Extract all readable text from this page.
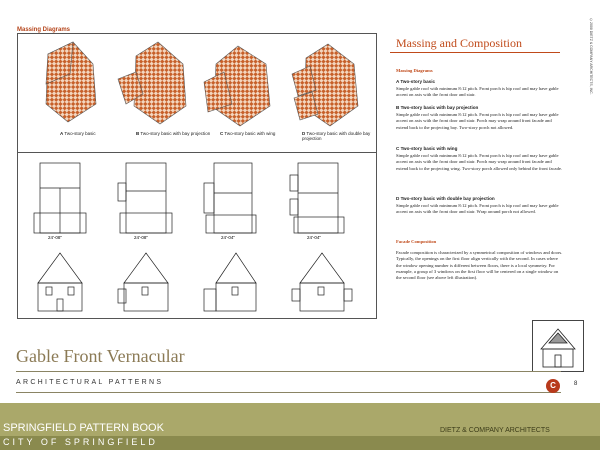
Massing Diagrams
A Two-story basic	B Two-story basic with bay projection C Two-story basic with wing	D Two-story basic with double bay projection
24'-08"	24'-08"	24'-04"	24'-04"
Massing and Composition	©2008 DIETZ & COMPANY ARCHITECTS, INC.
Massing Diagrams
A Two-story basic
Simple gable roof with minimum 8:12 pitch. Front porch is hip roof and may have gable accent on axis with the front door and stair.
B Two-story basic with bay projection
Simple gable roof with minimum 8:12 pitch. Front porch is hip roof and may have gable accent on axis with the front door and stair. Porch may wrap around front facade and extend back to the projecting bay. Two-story porch not allowed.
C Two-story basic with wing
Simple gable roof with minimum 8:12 pitch. Front porch is hip roof and may have gable accent on axis with the front door and stair. Porch may wrap around front facade and extend back to the projecting wing. Two-story porch allowed only behind the front facade.
D Two-story basic with double bay projection
Simple gable roof with minimum 8:12 pitch. Front porch is hip roof and may have gable accent on axis with the front door and stair. Wrap around porch not allowed.
Facade Composition
Facade composition is characterized by a symmetrical composition of windows and doors. Typically, the openings on the first floor align vertically with the second. In cases where the window opening number is different between floors, there is a local symmetry. For example, a group of 3 windows on the first floor will be centered on a single window on the second floor (see above left illustration).
Gable Front Vernacular
ARCHITECTURAL PATTERNS	C	8
SPRINGFIELD PATTERN BOOK	DIETZ & COMPANY ARCHITECTS
CITY OF SPRINGFIELD
